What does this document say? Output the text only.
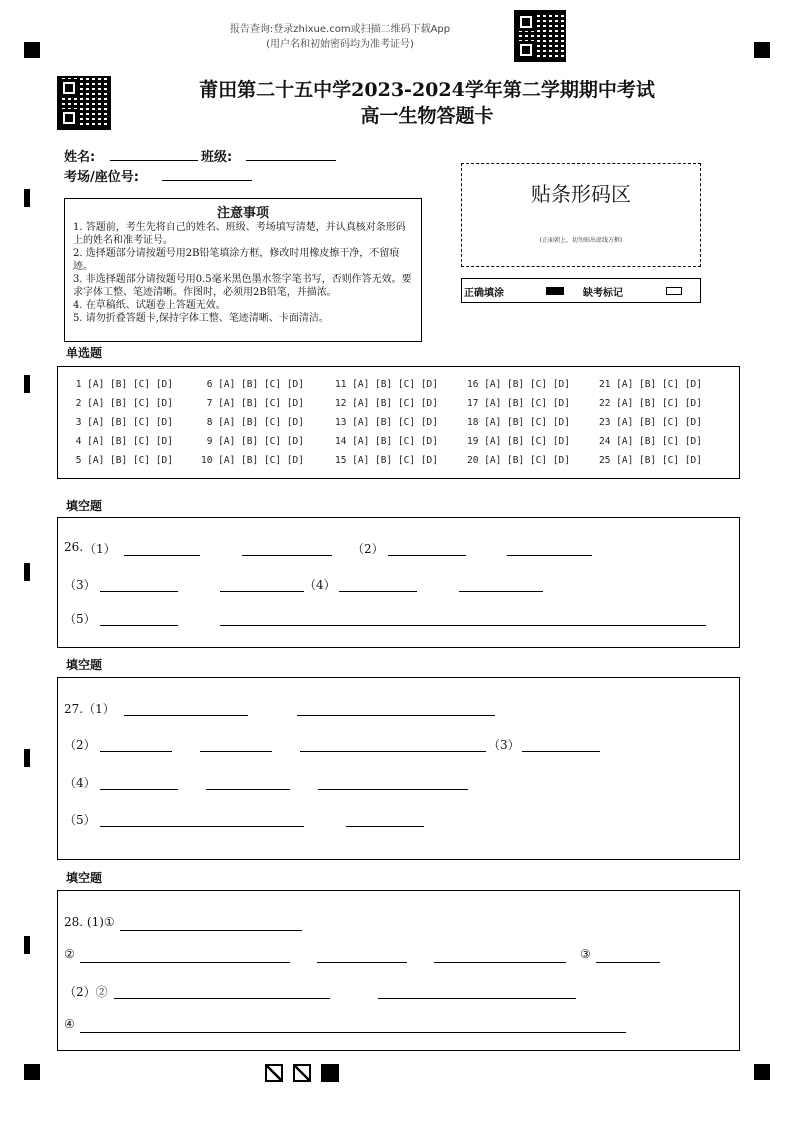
报告查询:登录zhixue.com或扫描二维码下载App
(用户名和初始密码均为准考证号)
莆田第二十五中学2023-2024学年第二学期期中考试
高一生物答题卡
姓名:	班级:
考场/座位号:
贴条形码区
(正面朝上，切勿贴出虚线方框)
正确填涂	缺考标记
注意事项
1. 答题前，考生先将自己的姓名、班级、考场填写清楚，并认真核对条形码上的姓名和准考证号。
2. 选择题部分请按题号用2B铅笔填涂方框，修改时用橡皮擦干净，不留痕迹。
3. 非选择题部分请按题号用0.5毫米黑色墨水签字笔书写，否则作答无效。要求字体工整、笔迹清晰。作图时，必须用2B铅笔，并描浓。
4. 在草稿纸、试题卷上答题无效。
5. 请勿折叠答题卡,保持字体工整、笔迹清晰、卡面清洁。
单选题
1 [A] [B] [C] [D]
2 [A] [B] [C] [D]
3 [A] [B] [C] [D]
4 [A] [B] [C] [D]
5 [A] [B] [C] [D]
6 [A] [B] [C] [D]
7 [A] [B] [C] [D]
8 [A] [B] [C] [D]
9 [A] [B] [C] [D]
10 [A] [B] [C] [D]
11 [A] [B] [C] [D]
12 [A] [B] [C] [D]
13 [A] [B] [C] [D]
14 [A] [B] [C] [D]
15 [A] [B] [C] [D]
16 [A] [B] [C] [D]
17 [A] [B] [C] [D]
18 [A] [B] [C] [D]
19 [A] [B] [C] [D]
20 [A] [B] [C] [D]
21 [A] [B] [C] [D]
22 [A] [B] [C] [D]
23 [A] [B] [C] [D]
24 [A] [B] [C] [D]
25 [A] [B] [C] [D]
填空题
26. （1）	（2）
（3）	（4）
（5）
填空题
27.（1）
（2）	（3）
（4）
（5）
填空题
28. (1)①
②	③
（2）②
④
